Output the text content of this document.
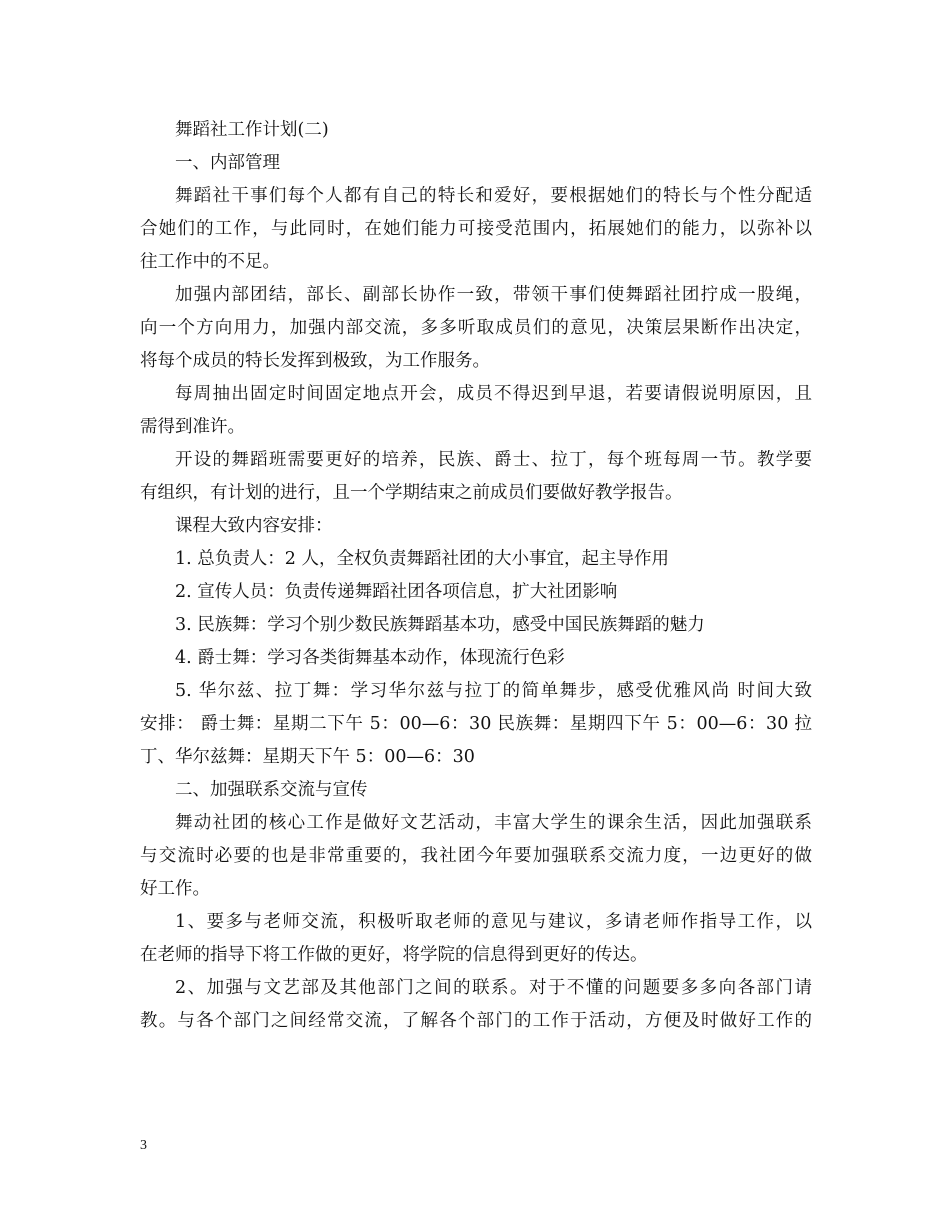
舞蹈社工作计划(二)
一、内部管理
舞蹈社干事们每个人都有自己的特长和爱好，要根据她们的特长与个性分配适
合她们的工作，与此同时，在她们能力可接受范围内，拓展她们的能力，以弥补以
往工作中的不足。
加强内部团结，部长、副部长协作一致，带领干事们使舞蹈社团拧成一股绳，
向一个方向用力，加强内部交流，多多听取成员们的意见，决策层果断作出决定，
将每个成员的特长发挥到极致，为工作服务。
每周抽出固定时间固定地点开会，成员不得迟到早退，若要请假说明原因，且
需得到准许。
开设的舞蹈班需要更好的培养，民族、爵士、拉丁，每个班每周一节。教学要
有组织，有计划的进行，且一个学期结束之前成员们要做好教学报告。
课程大致内容安排：
1. 总负责人：2 人，全权负责舞蹈社团的大小事宜，起主导作用
2. 宣传人员：负责传递舞蹈社团各项信息，扩大社团影响
3. 民族舞：学习个别少数民族舞蹈基本功，感受中国民族舞蹈的魅力
4. 爵士舞：学习各类街舞基本动作，体现流行色彩
5. 华尔兹、拉丁舞：学习华尔兹与拉丁的简单舞步，感受优雅风尚 时间大致
安排： 爵士舞：星期二下午 5：00—6：30 民族舞：星期四下午 5：00—6：30 拉
丁、华尔兹舞：星期天下午 5：00—6：30
二、加强联系交流与宣传
舞动社团的核心工作是做好文艺活动，丰富大学生的课余生活，因此加强联系
与交流时必要的也是非常重要的，我社团今年要加强联系交流力度，一边更好的做
好工作。
1、要多与老师交流，积极听取老师的意见与建议，多请老师作指导工作，以
在老师的指导下将工作做的更好，将学院的信息得到更好的传达。
2、加强与文艺部及其他部门之间的联系。对于不懂的问题要多多向各部门请
教。与各个部门之间经常交流，了解各个部门的工作于活动，方便及时做好工作的
3
